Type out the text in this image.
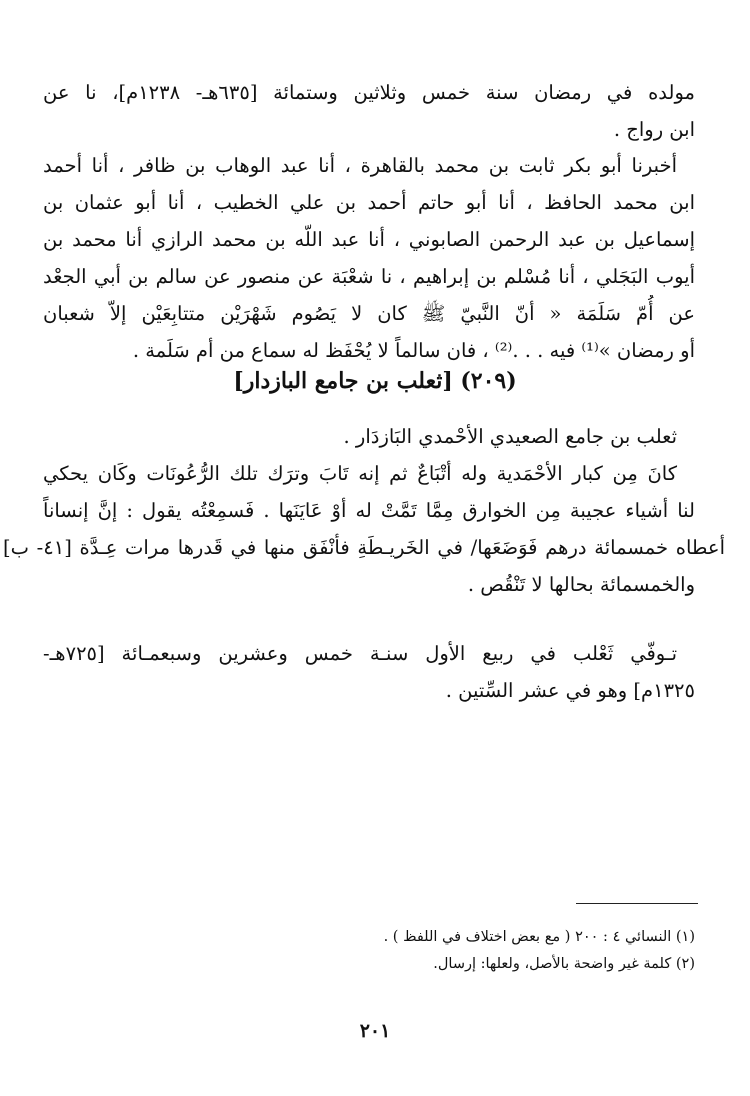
مولده في رمضان سنة خمس وثلاثين وستمائة [٦٣٥هـ- ١٢٣٨م]، نا عن
ابن رواج .
أخبرنا أبو بكر ثابت بن محمد بالقاهرة ، أنا عبد الوهاب بن ظافر ، أنا أحمد
ابن محمد الحافظ ، أنا أبو حاتم أحمد بن علي الخطيب ، أنا أبو عثمان بن
إسماعيل بن عبد الرحمن الصابوني ، أنا عبد اللّه بن محمد الرازي أنا محمد بن
أيوب البَجَلي ، أنا مُسْلم بن إبراهيم ، نا شعْبَة عن منصور عن سالم بن أبي الجعْد
عن أُمّ سَلَمَة « أنّ النَّبيّ ﷺ كان لا يَصُوم شَهْرَيْن متتابِعَيْن إلاّ شعبان
أو رمضان »⁽¹⁾ فيه . . .⁽²⁾ ، فان سالماً لا يُحْفَظ له سماع من أم سَلَمة .
(٢٠٩) [ثعلب بن جامع البازدار]
ثعلب بن جامع الصعيدي الأحْمدي البَازدَار .
كانَ مِن كبار الأحْمَدية وله أتْبَاعٌ ثم إنه تَابَ وترَك تلك الرُّعُونَات وكَان يحكي
لنا أشياء عجيبة مِن الخوارق مِمَّا تَمَّتْ له أوْ عَايَنَها . فَسمِعْتُه يقول : إنَّ إنساناً
أعطاه خمسمائة درهم فَوَضَعَها/ في الخَريـطَةِ فأنْفَق منها في قَدرها مرات عِـدَّة [٤١- ب]
والخمسمائة بحالها لا تَنْقُص .
تـوفّي ثَعْلب في ربيع الأول سنـة خمس وعشرين وسبعمـائة [٧٢٥هـ-
١٣٢٥م] وهو في عشر السِّتين .
(١) النسائي ٤ : ٢٠٠ ( مع بعض اختلاف في اللفظ ) .
(٢) كلمة غير واضحة بالأصل، ولعلها: إرسال.
٢٠١
